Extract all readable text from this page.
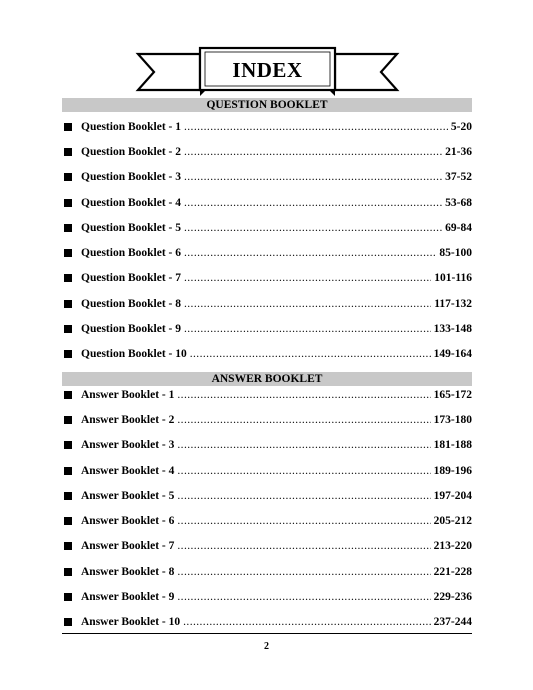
INDEX
QUESTION BOOKLET
Question Booklet - 1 .....	5-20
Question Booklet - 2 .....	21-36
Question Booklet - 3 .....	37-52
Question Booklet - 4 .....	53-68
Question Booklet - 5 .....	69-84
Question Booklet - 6 .....	85-100
Question Booklet - 7 .....	101-116
Question Booklet - 8 .....	117-132
Question Booklet - 9 .....	133-148
Question Booklet - 10 .....	149-164
ANSWER BOOKLET
Answer Booklet - 1 .....	165-172
Answer Booklet - 2 .....	173-180
Answer Booklet - 3 .....	181-188
Answer Booklet - 4 .....	189-196
Answer Booklet - 5 .....	197-204
Answer Booklet - 6 .....	205-212
Answer Booklet - 7 .....	213-220
Answer Booklet - 8 .....	221-228
Answer Booklet - 9 .....	229-236
Answer Booklet - 10 .....	237-244
2
